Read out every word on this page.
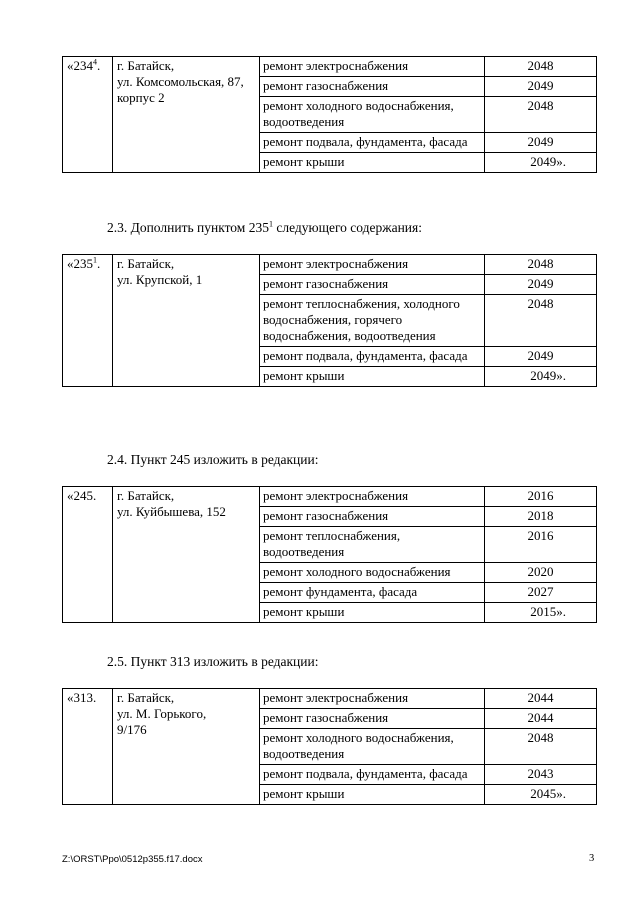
«$234^4$.	г. Батайск,
ул. Комсомольская, 87,
корпус 2	ремонт электроснабжения	2048
		ремонт газоснабжения	2049
		ремонт холодного водоснабжения, водоотведения	2048
		ремонт подвала, фундамента, фасада	2049
		ремонт крыши	2049».
2.3. Дополнить пунктом $235^1$ следующего содержания:
«$235^1$.	г. Батайск,
ул. Крупской, 1	ремонт электроснабжения	2048
		ремонт газоснабжения	2049
		ремонт теплоснабжения, холодного водоснабжения, горячего водоснабжения, водоотведения	2048
		ремонт подвала, фундамента, фасада	2049
		ремонт крыши	2049».
2.4. Пункт 245 изложить в редакции:
«245.	г. Батайск,
ул. Куйбышева, 152	ремонт электроснабжения	2016
		ремонт газоснабжения	2018
		ремонт теплоснабжения, водоотведения	2016
		ремонт холодного водоснабжения	2020
		ремонт фундамента, фасада	2027
		ремонт крыши	2015».
2.5. Пункт 313 изложить в редакции:
«313.	г. Батайск,
ул. М. Горького,
9/176	ремонт электроснабжения	2044
		ремонт газоснабжения	2044
		ремонт холодного водоснабжения, водоотведения	2048
		ремонт подвала, фундамента, фасада	2043
		ремонт крыши	2045».
Z:\ORST\Ppo\0512p355.f17.docx	3
